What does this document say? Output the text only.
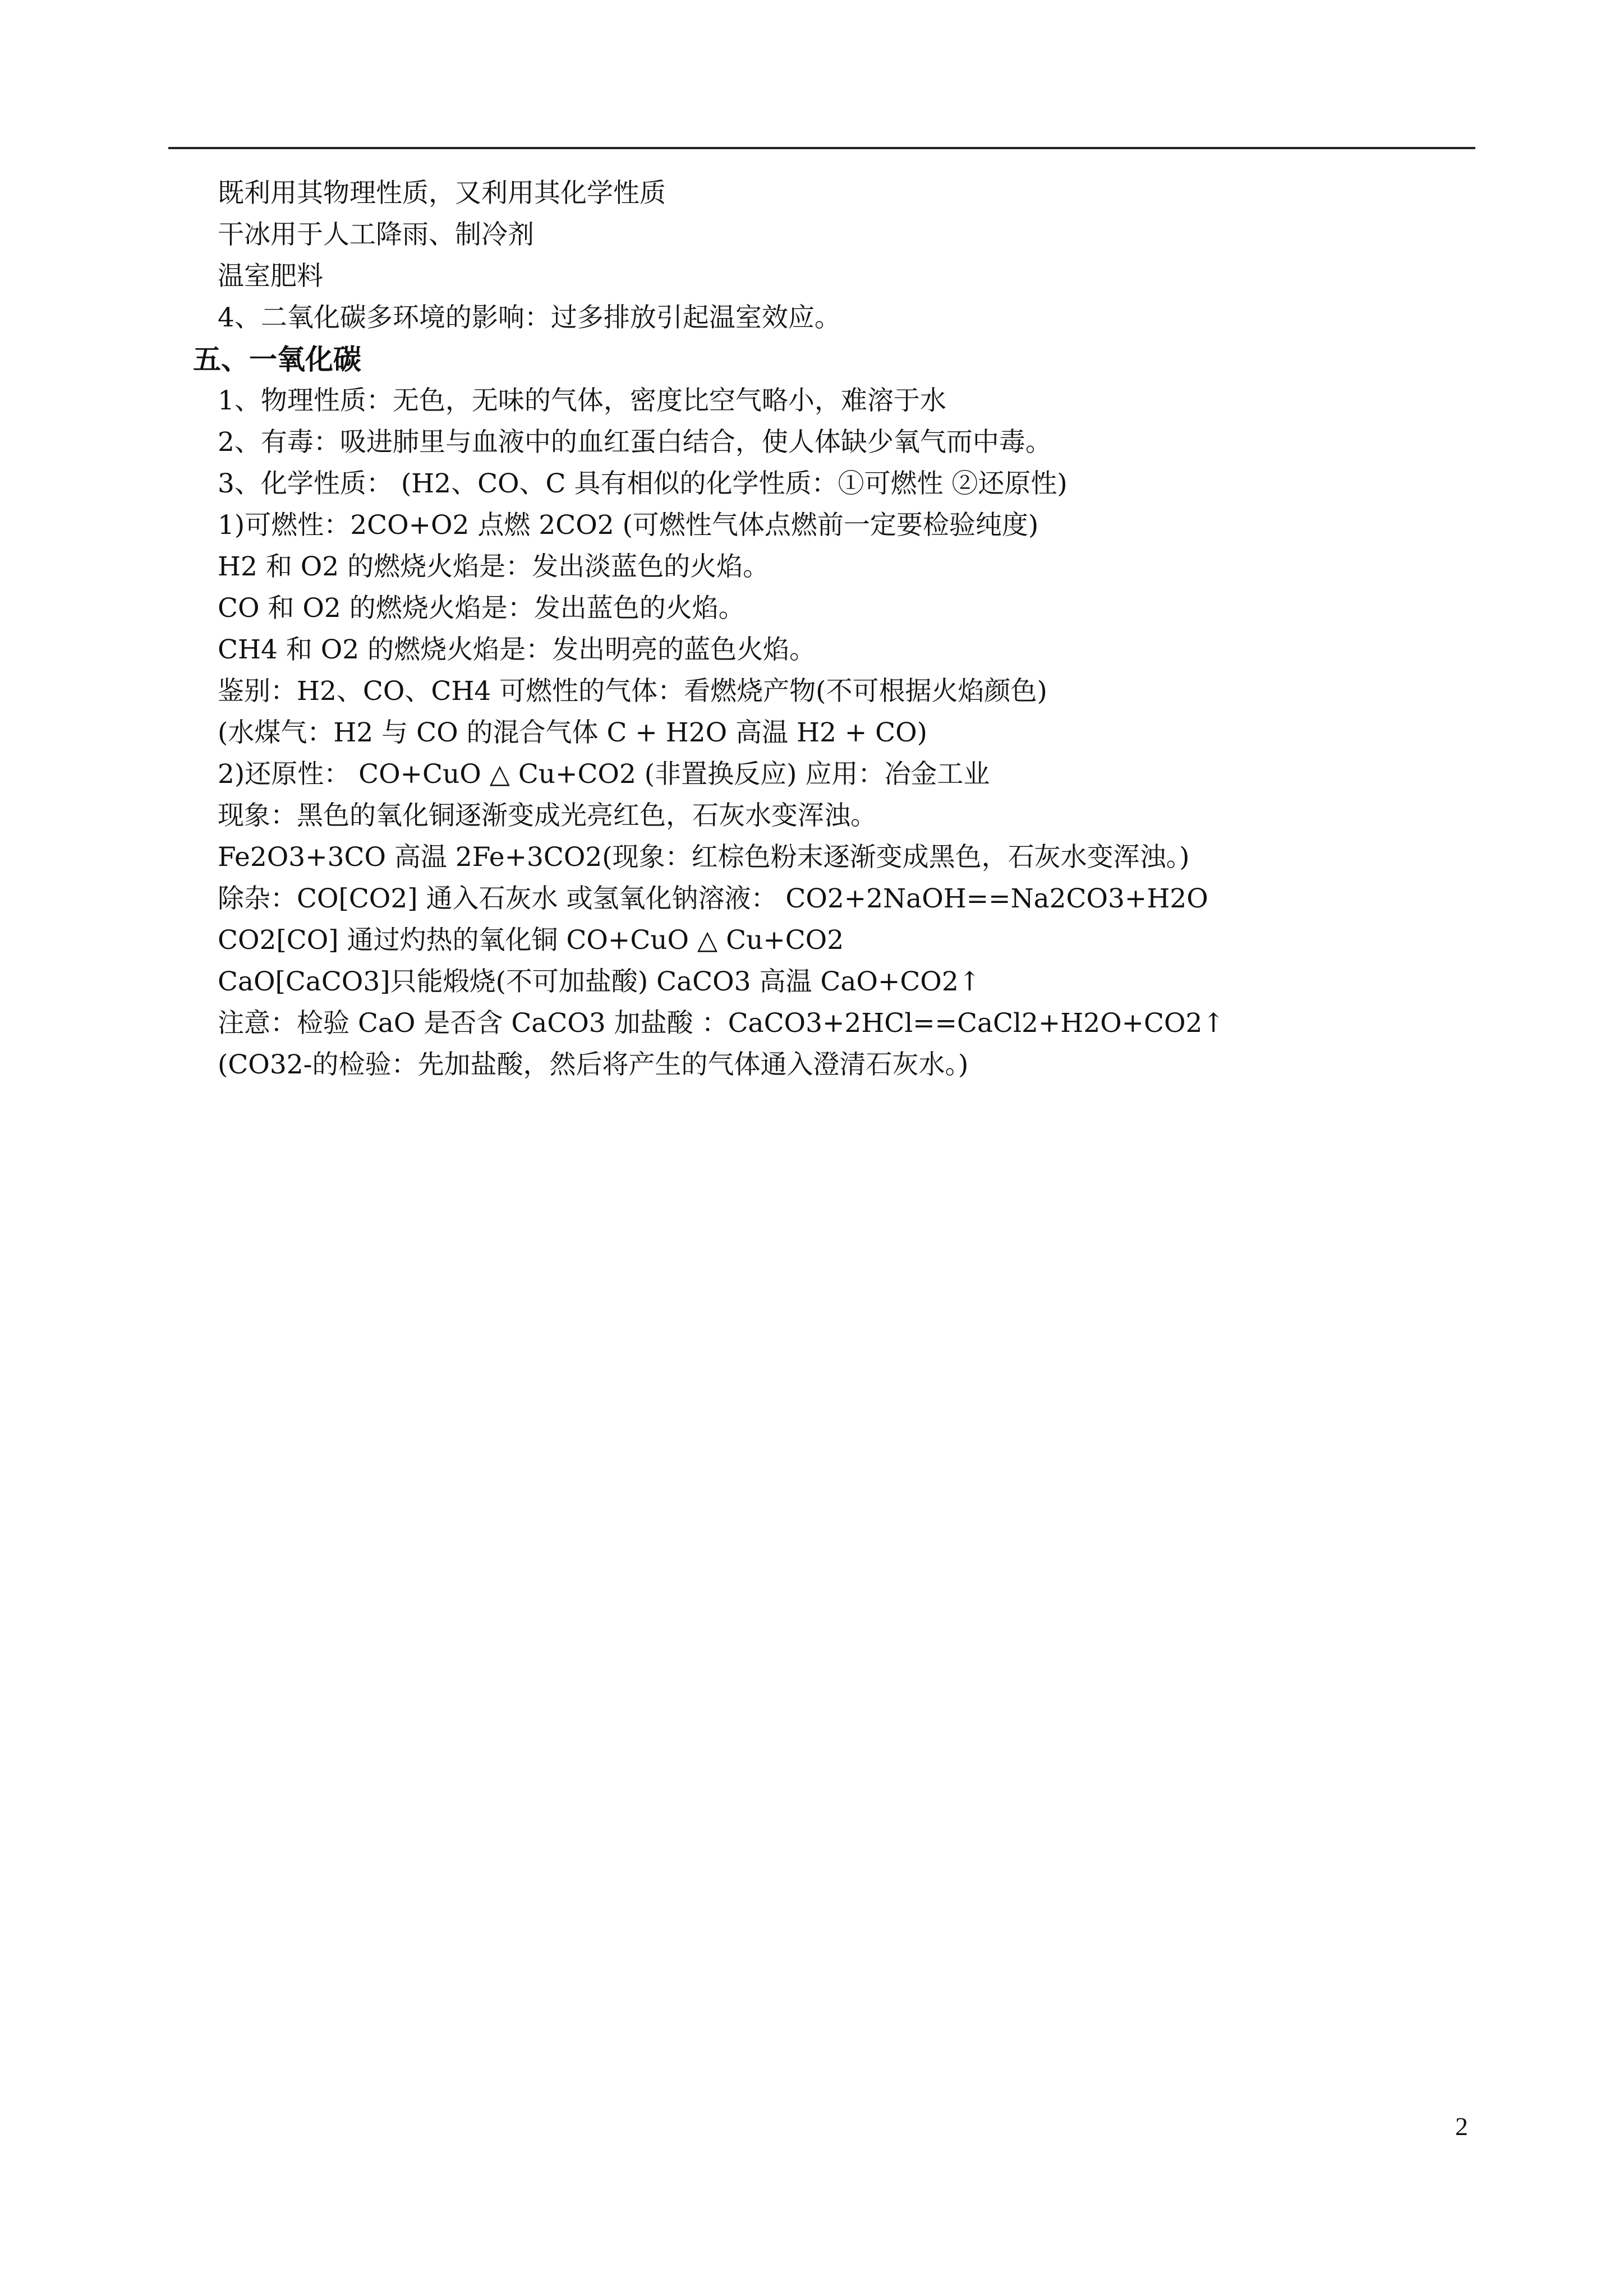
既利用其物理性质，又利用其化学性质
干冰用于人工降雨、制冷剂
温室肥料
4、二氧化碳多环境的影响：过多排放引起温室效应。
五、一氧化碳
1、物理性质：无色，无味的气体，密度比空气略小，难溶于水
2、有毒：吸进肺里与血液中的血红蛋白结合，使人体缺少氧气而中毒。
3、化学性质： (H2、CO、C 具有相似的化学性质：①可燃性 ②还原性)
1)可燃性：2CO+O2 点燃 2CO2 (可燃性气体点燃前一定要检验纯度)
H2 和 O2 的燃烧火焰是：发出淡蓝色的火焰。
CO 和 O2 的燃烧火焰是：发出蓝色的火焰。
CH4 和 O2 的燃烧火焰是：发出明亮的蓝色火焰。
鉴别：H2、CO、CH4 可燃性的气体：看燃烧产物(不可根据火焰颜色)
(水煤气：H2 与 CO 的混合气体 C + H2O 高温 H2 + CO)
2)还原性： CO+CuO △ Cu+CO2 (非置换反应) 应用：冶金工业
现象：黑色的氧化铜逐渐变成光亮红色，石灰水变浑浊。
Fe2O3+3CO 高温 2Fe+3CO2(现象：红棕色粉末逐渐变成黑色，石灰水变浑浊。)
除杂：CO[CO2] 通入石灰水 或氢氧化钠溶液： CO2+2NaOH==Na2CO3+H2O
CO2[CO] 通过灼热的氧化铜 CO+CuO △ Cu+CO2
CaO[CaCO3]只能煅烧(不可加盐酸) CaCO3 高温 CaO+CO2↑
注意：检验 CaO 是否含 CaCO3 加盐酸 ：CaCO3+2HCl==CaCl2+H2O+CO2↑
(CO32-的检验：先加盐酸，然后将产生的气体通入澄清石灰水。)
2
